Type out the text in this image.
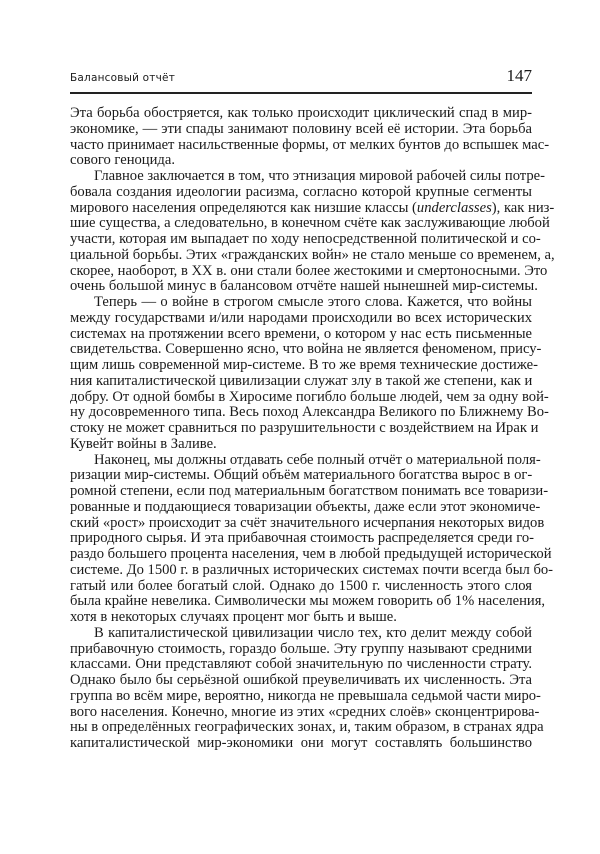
Балансовый отчёт	147
Эта борьба обостряется, как только происходит циклический спад в мир-
экономике, — эти спады занимают половину всей её истории. Эта борьба
часто принимает насильственные формы, от мелких бунтов до вспышек мас-
сового геноцида.
Главное заключается в том, что этнизация мировой рабочей силы потре-
бовала создания идеологии расизма, согласно которой крупные сегменты
мирового населения определяются как низшие классы (underclasses), как низ-
шие существа, а следовательно, в конечном счёте как заслуживающие любой
участи, которая им выпадает по ходу непосредственной политической и со-
циальной борьбы. Этих «гражданских войн» не стало меньше со временем, а,
скорее, наоборот, в XX в. они стали более жестокими и смертоносными. Это
очень большой минус в балансовом отчёте нашей нынешней мир-системы.
Теперь — о войне в строгом смысле этого слова. Кажется, что войны
между государствами и/или народами происходили во всех исторических
системах на протяжении всего времени, о котором у нас есть письменные
свидетельства. Совершенно ясно, что война не является феноменом, прису-
щим лишь современной мир-системе. В то же время технические достиже-
ния капиталистической цивилизации служат злу в такой же степени, как и
добру. От одной бомбы в Хиросиме погибло больше людей, чем за одну вой-
ну досовременного типа. Весь поход Александра Великого по Ближнему Во-
стоку не может сравниться по разрушительности с воздействием на Ирак и
Кувейт войны в Заливе.
Наконец, мы должны отдавать себе полный отчёт о материальной поля-
ризации мир-системы. Общий объём материального богатства вырос в ог-
ромной степени, если под материальным богатством понимать все товаризи-
рованные и поддающиеся товаризации объекты, даже если этот экономиче-
ский «рост» происходит за счёт значительного исчерпания некоторых видов
природного сырья. И эта прибавочная стоимость распределяется среди го-
раздо большего процента населения, чем в любой предыдущей исторической
системе. До 1500 г. в различных исторических системах почти всегда был бо-
гатый или более богатый слой. Однако до 1500 г. численность этого слоя
была крайне невелика. Символически мы можем говорить об 1% населения,
хотя в некоторых случаях процент мог быть и выше.
В капиталистической цивилизации число тех, кто делит между собой
прибавочную стоимость, гораздо больше. Эту группу называют средними
классами. Они представляют собой значительную по численности страту.
Однако было бы серьёзной ошибкой преувеличивать их численность. Эта
группа во всём мире, вероятно, никогда не превышала седьмой части миро-
вого населения. Конечно, многие из этих «средних слоёв» сконцентрирова-
ны в определённых географических зонах, и, таким образом, в странах ядра
капиталистической мир-экономики они могут составлять большинство
